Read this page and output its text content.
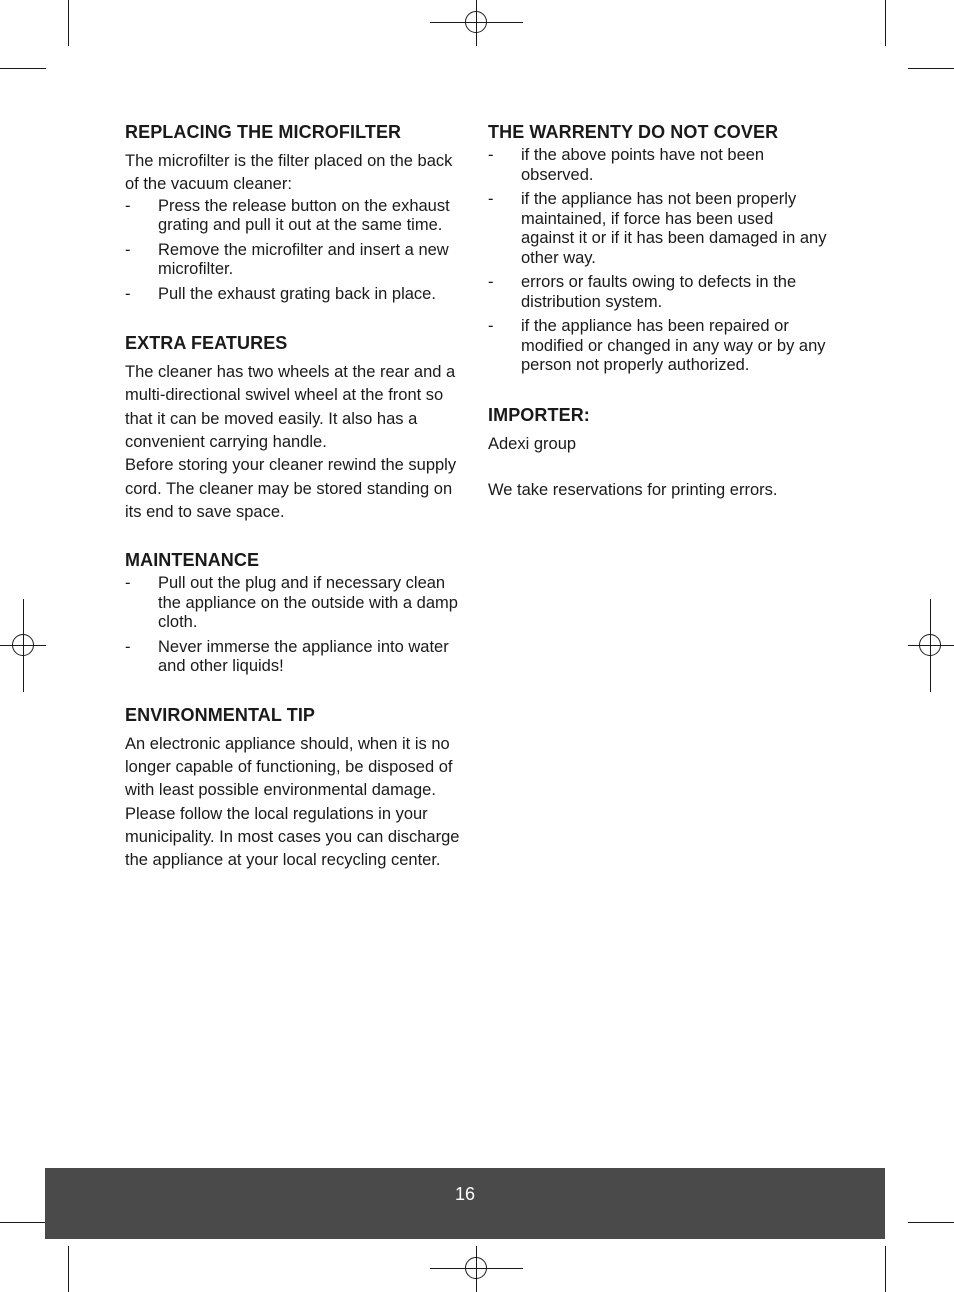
REPLACING THE MICROFILTER

The microfilter is the filter placed on the back of the vacuum cleaner:

- Press the release button on the exhaust grating and pull it out at the same time.
- Remove the microfilter and insert a new microfilter.
- Pull the exhaust grating back in place.
EXTRA FEATURES

The cleaner has two wheels at the rear and a multi-directional swivel wheel at the front so that it can be moved easily. It also has a convenient carrying handle.

Before storing your cleaner rewind the supply cord. The cleaner may be stored standing on its end to save space.

MAINTENANCE
- Pull out the plug and if necessary clean the appliance on the outside with a damp cloth.
- Never immerse the appliance into water and other liquids!
ENVIRONMENTAL TIP

An electronic appliance should, when it is no longer capable of functioning, be disposed of with least possible environmental damage. Please follow the local regulations in your municipality. In most cases you can discharge the appliance at your local recycling center.

THE WARRENTY DO NOT COVER
- if the above points have not been observed.
- if the appliance has not been properly maintained, if force has been used against it or if it has been damaged in any other way.
- errors or faults owing to defects in the distribution system.
- if the appliance has been repaired or modified or changed in any way or by any person not properly authorized.
IMPORTER:

Adexi group

We take reservations for printing errors.

16
